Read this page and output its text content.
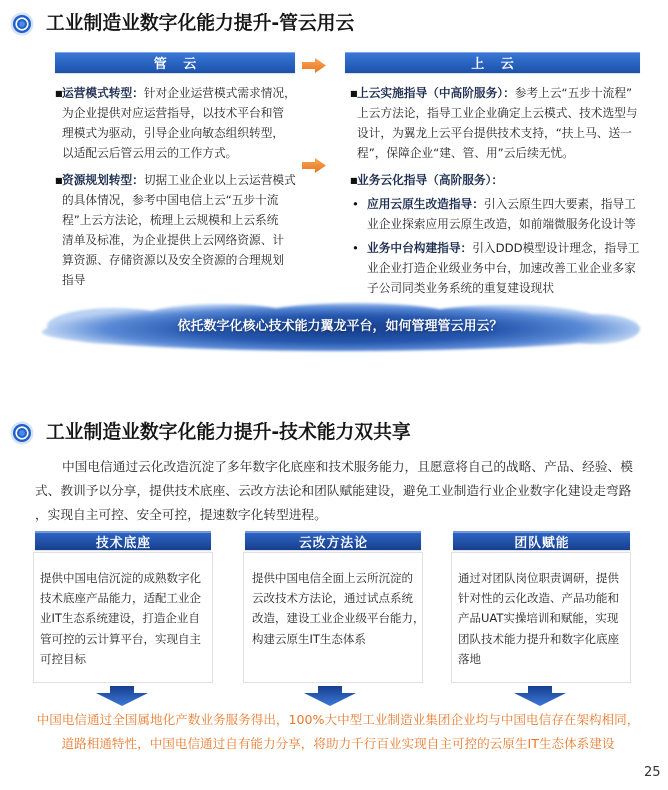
工业制造业数字化能力提升-管云用云
管 云	上 云
■运营模式转型：针对企业运营模式需求情况，
为企业提供对应运营指导，以技术平台和管
理模式为驱动，引导企业向敏态组织转型，
以适配云后管云用云的工作方式。
■资源规划转型：切据工业企业以上云运营模式
的具体情况，参考中国电信上云“五步十流
程”上云方法论，梳理上云规模和上云系统
清单及标准，为企业提供上云网络资源、计
算资源、存储资源以及安全资源的合理规划
指导
■上云实施指导（中高阶服务）：参考上云“五步十流程”
上云方法论，指导工业企业确定上云模式、技术选型与
设计，为翼龙上云平台提供技术支持，“扶上马、送一
程”，保障企业“建、管、用”云后续无忧。
■业务云化指导（高阶服务）：
• 应用云原生改造指导：引入云原生四大要素，指导工
业企业探索应用云原生改造，如前端微服务化设计等
• 业务中台构建指导：引入DDD模型设计理念，指导工
业企业打造企业级业务中台，加速改善工业企业多家
子公司同类业务系统的重复建设现状
依托数字化核心技术能力翼龙平台，如何管理管云用云？
工业制造业数字化能力提升-技术能力双共享
中国电信通过云化改造沉淀了多年数字化底座和技术服务能力，且愿意将自己的战略、产品、经验、模
式、教训予以分享，提供技术底座、云改方法论和团队赋能建设，避免工业制造行业企业数字化建设走弯路
，实现自主可控、安全可控，提速数字化转型进程。
技术底座	云改方法论	团队赋能
提供中国电信沉淀的成熟数字化
技术底座产品能力，适配工业企
业IT生态系统建设，打造企业自
管可控的云计算平台，实现自主
可控目标
提供中国电信全面上云所沉淀的
云改技术方法论，通过试点系统
改造，建设工业企业级平台能力，
构建云原生IT生态体系
通过对团队岗位职责调研，提供
针对性的云化改造、产品功能和
产品UAT实操培训和赋能，实现
团队技术能力提升和数字化底座
落地
中国电信通过全国属地化产数业务服务得出，100%大中型工业制造业集团企业均与中国电信存在架构相同，
道路相通特性，中国电信通过自有能力分享，将助力千行百业实现自主可控的云原生IT生态体系建设
25
